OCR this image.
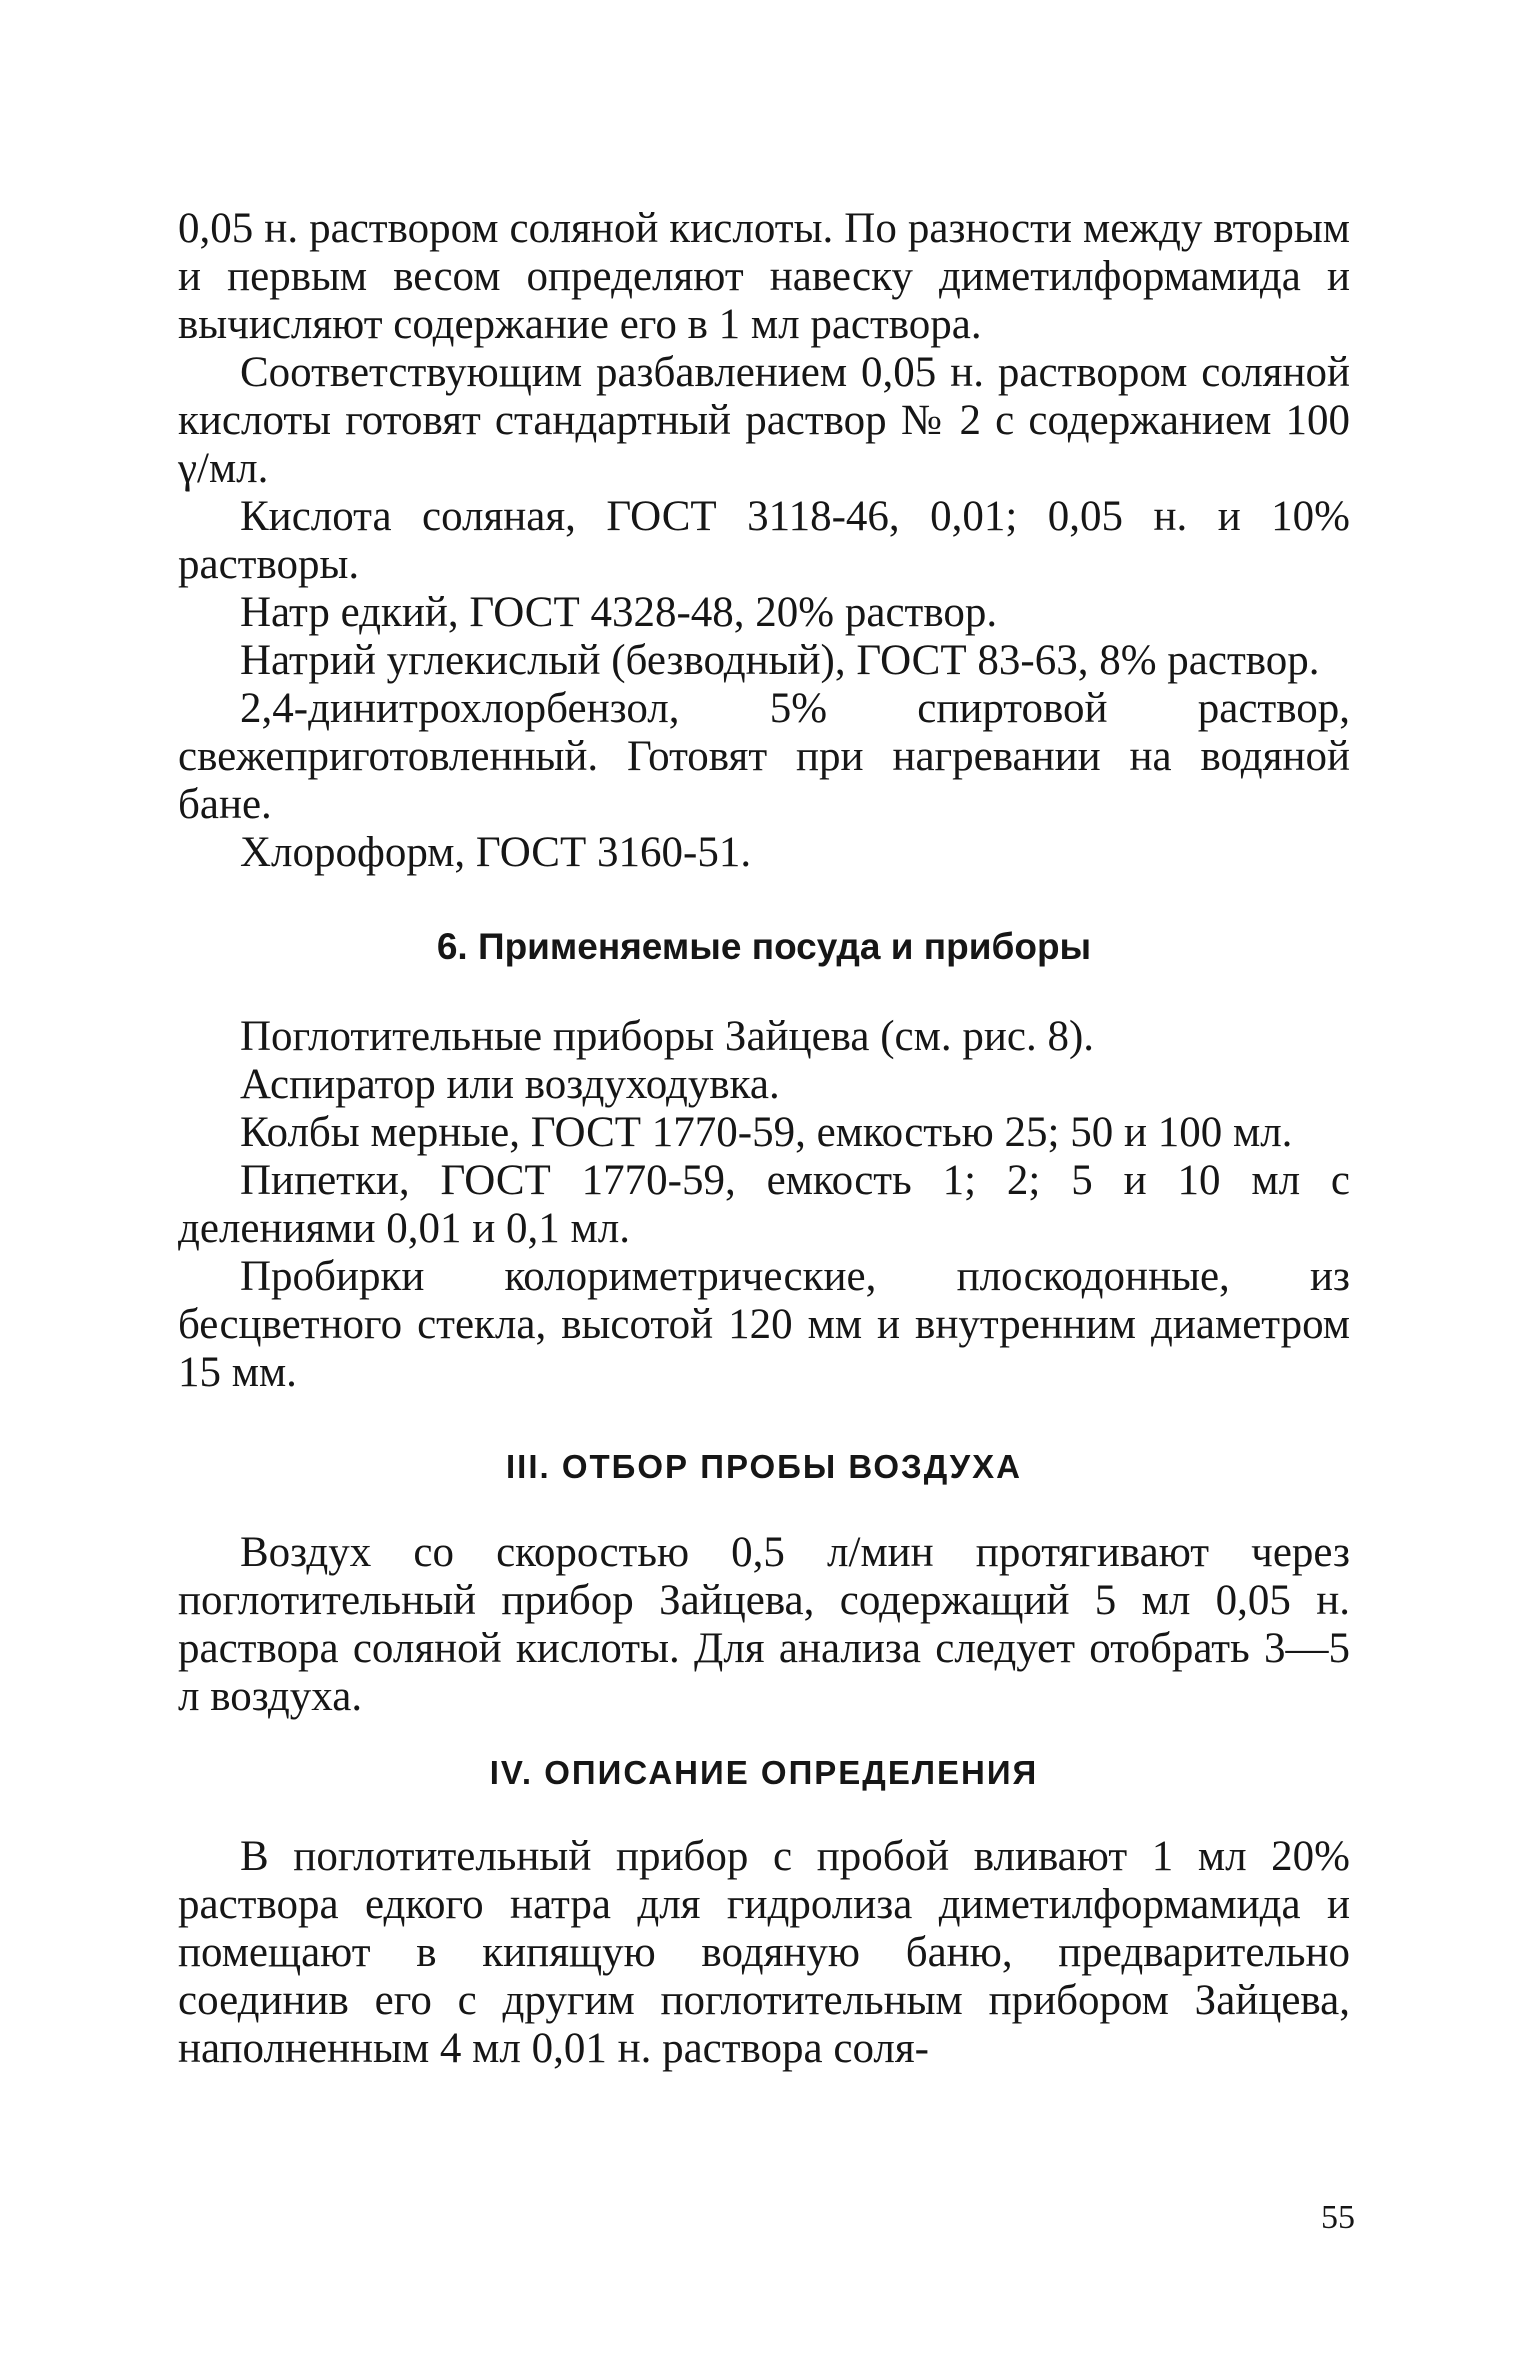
0,05 н. раствором соляной кислоты. По разности между вторым и первым весом определяют навеску диметилформамида и вычисляют содержание его в 1 мл раствора.

Соответствующим разбавлением 0,05 н. раствором соляной кислоты готовят стандартный раствор № 2 с содержанием 100 γ/мл.

Кислота соляная, ГОСТ 3118-46, 0,01; 0,05 н. и 10% растворы.

Натр едкий, ГОСТ 4328-48, 20% раствор.

Натрий углекислый (безводный), ГОСТ 83-63, 8% раствор.

2,4-динитрохлорбензол, 5% спиртовой раствор, свежеприготовленный. Готовят при нагревании на водяной бане.

Хлороформ, ГОСТ 3160-51.

6. Применяемые посуда и приборы

Поглотительные приборы Зайцева (см. рис. 8).

Аспиратор или воздуходувка.

Колбы мерные, ГОСТ 1770-59, емкостью 25; 50 и 100 мл.

Пипетки, ГОСТ 1770-59, емкость 1; 2; 5 и 10 мл с делениями 0,01 и 0,1 мл.

Пробирки колориметрические, плоскодонные, из бесцветного стекла, высотой 120 мм и внутренним диаметром 15 мм.

III. ОТБОР ПРОБЫ ВОЗДУХА

Воздух со скоростью 0,5 л/мин протягивают через поглотительный прибор Зайцева, содержащий 5 мл 0,05 н. раствора соляной кислоты. Для анализа следует отобрать 3—5 л воздуха.

IV. ОПИСАНИЕ ОПРЕДЕЛЕНИЯ

В поглотительный прибор с пробой вливают 1 мл 20% раствора едкого натра для гидролиза диметилформамида и помещают в кипящую водяную баню, предварительно соединив его с другим поглотительным прибором Зайцева, наполненным 4 мл 0,01 н. раствора соля-

55
